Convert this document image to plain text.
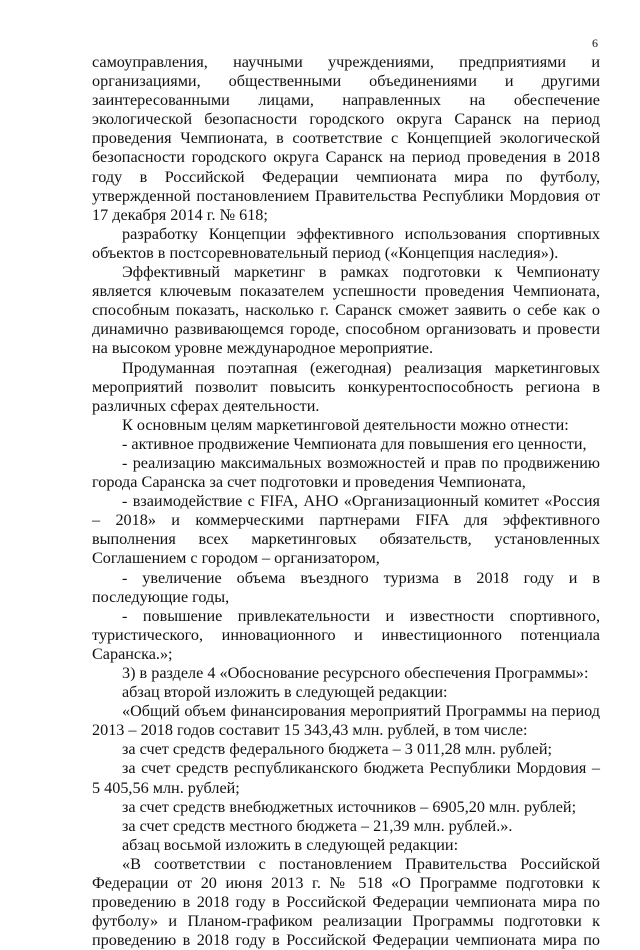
6

самоуправления, научными учреждениями, предприятиями и организациями, общественными объединениями и другими заинтересованными лицами, направленных на обеспечение экологической безопасности городского округа Саранск на период проведения Чемпионата, в соответствие с Концепцией экологической безопасности городского округа Саранск на период проведения в 2018 году в Российской Федерации чемпионата мира по футболу, утвержденной постановлением Правительства Республики Мордовия от 17 декабря 2014 г. № 618;

разработку Концепции эффективного использования спортивных объектов в постсоревновательный период («Концепция наследия»).

Эффективный маркетинг в рамках подготовки к Чемпионату является ключевым показателем успешности проведения Чемпионата, способным показать, насколько г. Саранск сможет заявить о себе как о динамично развивающемся городе, способном организовать и провести на высоком уровне международное мероприятие.

Продуманная поэтапная (ежегодная) реализация маркетинговых мероприятий позволит повысить конкурентоспособность региона в различных сферах деятельности.

К основным целям маркетинговой деятельности можно отнести:

- активное продвижение Чемпионата для повышения его ценности,

- реализацию максимальных возможностей и прав по продвижению города Саранска за счет подготовки и проведения Чемпионата,

- взаимодействие с FIFA, АНО «Организационный комитет «Россия – 2018» и коммерческими партнерами FIFA для эффективного выполнения всех маркетинговых обязательств, установленных Соглашением с городом – организатором,

- увеличение объема въездного туризма в 2018 году и в последующие годы,

- повышение привлекательности и известности спортивного, туристического, инновационного и инвестиционного потенциала Саранска.»;

3) в разделе 4 «Обоснование ресурсного обеспечения Программы»:

абзац второй изложить в следующей редакции:

«Общий объем финансирования мероприятий Программы на период 2013 – 2018 годов составит 15 343,43 млн. рублей, в том числе:

за счет средств федерального бюджета – 3 011,28 млн. рублей;

за счет средств республиканского бюджета Республики Мордовия – 5 405,56 млн. рублей;

за счет средств внебюджетных источников – 6905,20 млн. рублей;

за счет средств местного бюджета – 21,39 млн. рублей.».

абзац восьмой изложить в следующей редакции:

«В соответствии с постановлением Правительства Российской Федерации от 20 июня 2013 г. № 518 «О Программе подготовки к проведению в 2018 году в Российской Федерации чемпионата мира по футболу» и Планом-графиком реализации Программы подготовки к проведению в 2018 году в Российской Федерации чемпионата мира по
